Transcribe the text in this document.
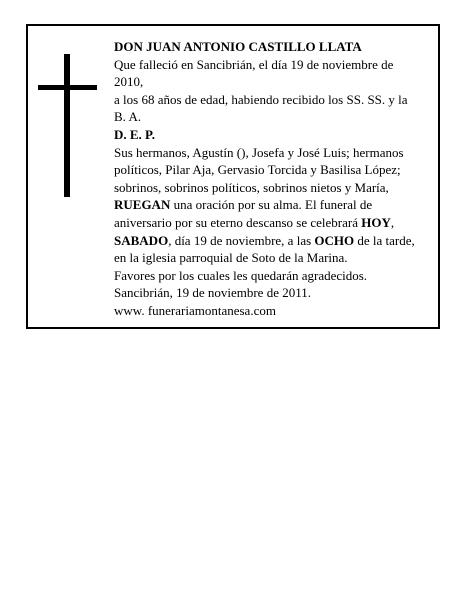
DON JUAN ANTONIO CASTILLO LLATA

Que falleció en Sancibrián, el día 19 de noviembre de 2010,

a los 68 años de edad, habiendo recibido los SS. SS. y la B. A.

D. E. P.

Sus hermanos, Agustín (), Josefa y José Luis; hermanos políticos, Pilar Aja, Gervasio Torcida y Basilisa López; sobrinos, sobrinos políticos, sobrinos nietos y María, RUEGAN una oración por su alma. El funeral de aniversario por su eterno descanso se celebrará HOY, SABADO, día 19 de noviembre, a las OCHO de la tarde, en la iglesia parroquial de Soto de la Marina.

Favores por los cuales les quedarán agradecidos.

Sancibrián, 19 de noviembre de 2011.

www. funerariamontanesa.com
